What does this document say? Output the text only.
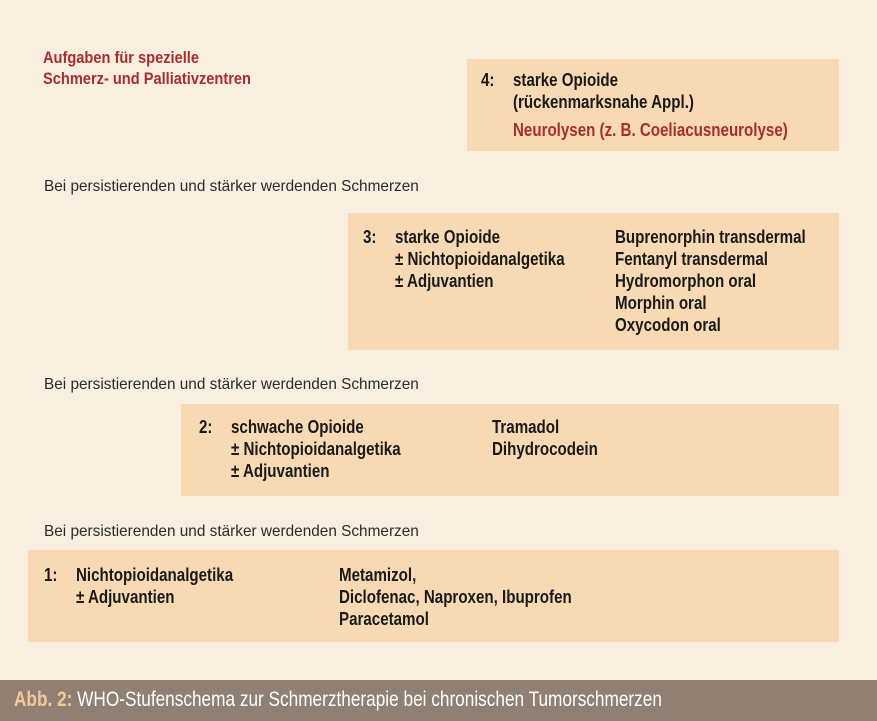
Aufgaben für spezielle
Schmerz- und Palliativzentren	4: starke Opioide
(rückenmarksnahe Appl.)
Neurolysen (z. B. Coeliacusneurolyse)
Bei persistierenden und stärker werdenden Schmerzen
3: starke Opioide
± Nichtopioidanalgetika
± Adjuvantien
Buprenorphin transdermal
Fentanyl transdermal
Hydromorphon oral
Morphin oral
Oxycodon oral
Bei persistierenden und stärker werdenden Schmerzen
2: schwache Opioide
± Nichtopioidanalgetika
± Adjuvantien
Tramadol
Dihydrocodein
Bei persistierenden und stärker werdenden Schmerzen
1: Nichtopioidanalgetika
± Adjuvantien
Metamizol,
Diclofenac, Naproxen, Ibuprofen
Paracetamol
Abb. 2: WHO-Stufenschema zur Schmerztherapie bei chronischen Tumorschmerzen
